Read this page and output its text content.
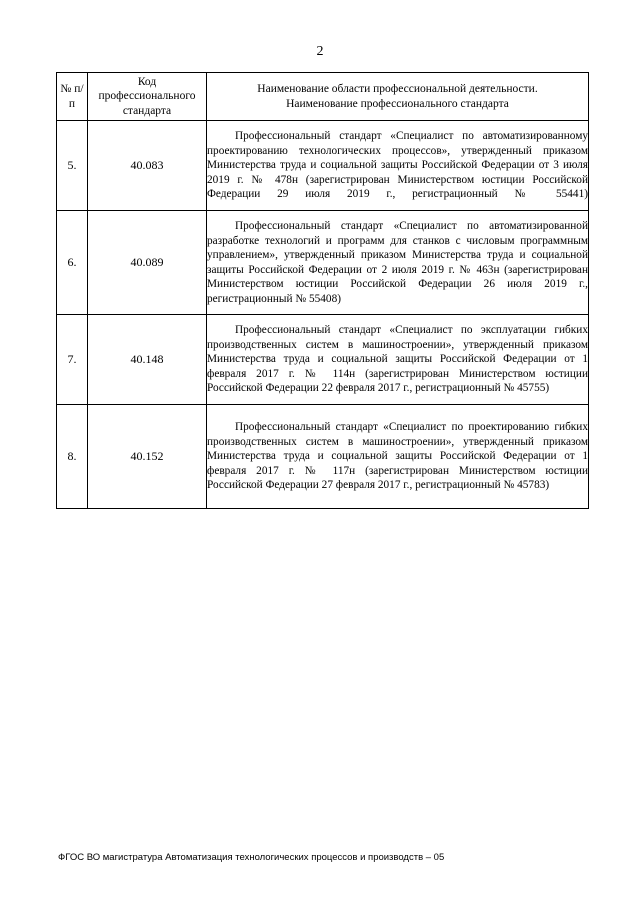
2
№ п/п	Код профессионального стандарта	Наименование области профессиональной деятельности.
Наименование профессионального стандарта

5.	40.083	Профессиональный стандарт «Специалист по автоматизированному проектированию технологических процессов», утвержденный приказом Министерства труда и социальной защиты Российской Федерации от 3 июля 2019 г. № 478н (зарегистрирован Министерством юстиции Российской Федерации 29 июля 2019 г., регистрационный № 55441)
6.	40.089	Профессиональный стандарт «Специалист по автоматизированной разработке технологий и программ для станков с числовым программным управлением», утвержденный приказом Министерства труда и социальной защиты Российской Федерации от 2 июля 2019 г. № 463н (зарегистрирован Министерством юстиции Российской Федерации 26 июля 2019 г., регистрационный № 55408)
7.	40.148	Профессиональный стандарт «Специалист по эксплуатации гибких производственных систем в машиностроении», утвержденный приказом Министерства труда и социальной защиты Российской Федерации от 1 февраля 2017 г. № 114н (зарегистрирован Министерством юстиции Российской Федерации 22 февраля 2017 г., регистрационный № 45755)
8.	40.152	Профессиональный стандарт «Специалист по проектированию гибких производственных систем в машиностроении», утвержденный приказом Министерства труда и социальной защиты Российской Федерации от 1 февраля 2017 г. № 117н (зарегистрирован Министерством юстиции Российской Федерации 27 февраля 2017 г., регистрационный № 45783)
ФГОС ВО магистратура Автоматизация технологических процессов и производств – 05
